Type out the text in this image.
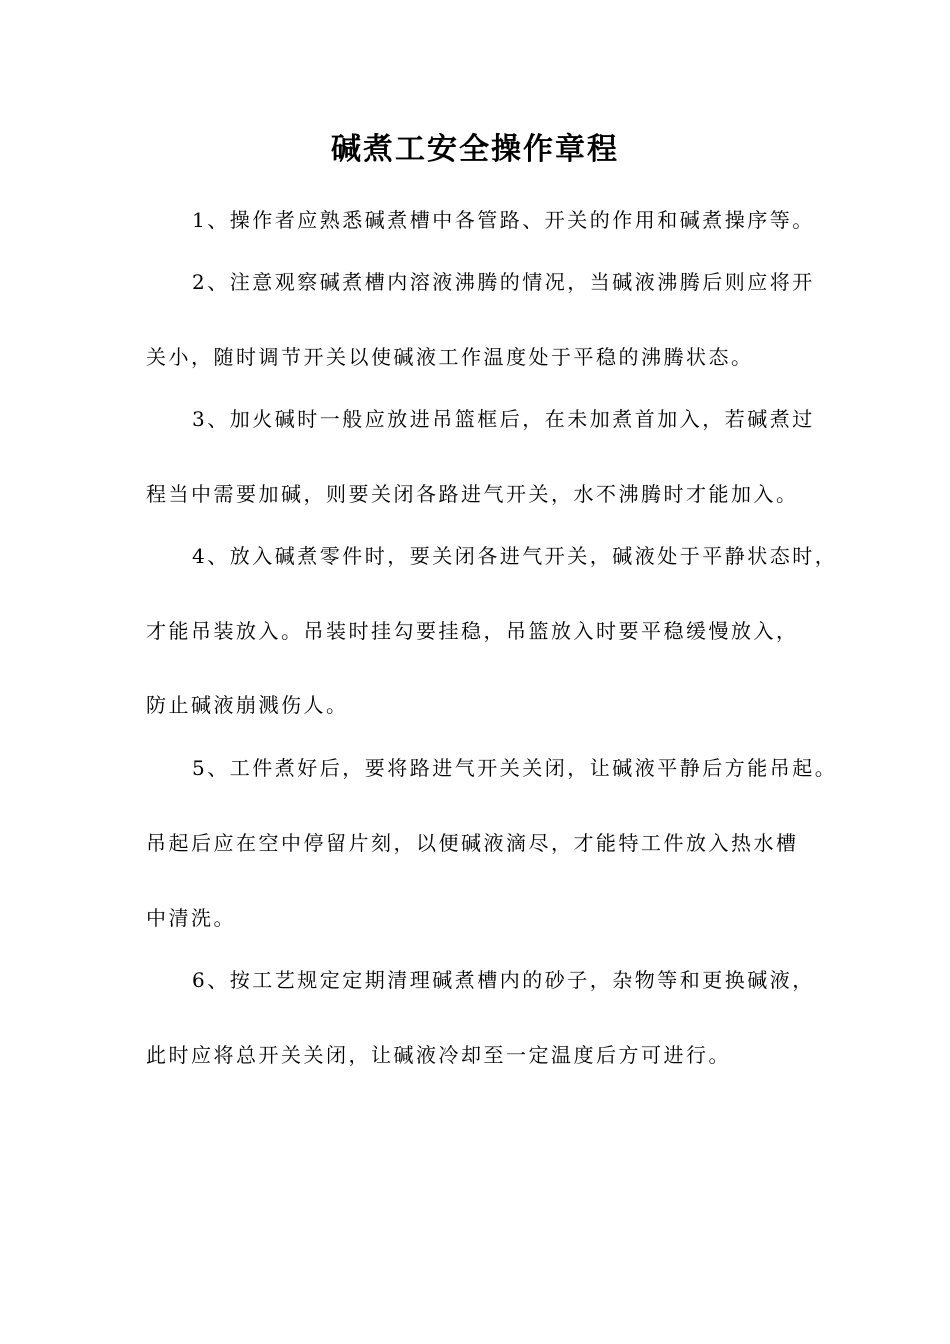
碱煮工安全操作章程
1、操作者应熟悉碱煮槽中各管路、开关的作用和碱煮操序等。
2、注意观察碱煮槽内溶液沸腾的情况，当碱液沸腾后则应将开
关小，随时调节开关以使碱液工作温度处于平稳的沸腾状态。
3、加火碱时一般应放进吊篮框后，在未加煮首加入，若碱煮过
程当中需要加碱，则要关闭各路进气开关，水不沸腾时才能加入。
4、放入碱煮零件时，要关闭各进气开关，碱液处于平静状态时，
才能吊装放入。吊装时挂勾要挂稳，吊篮放入时要平稳缓慢放入，
防止碱液崩溅伤人。
5、工件煮好后，要将路进气开关关闭，让碱液平静后方能吊起。
吊起后应在空中停留片刻，以便碱液滴尽，才能特工件放入热水槽
中清洗。
6、按工艺规定定期清理碱煮槽内的砂子，杂物等和更换碱液，
此时应将总开关关闭，让碱液冷却至一定温度后方可进行。
